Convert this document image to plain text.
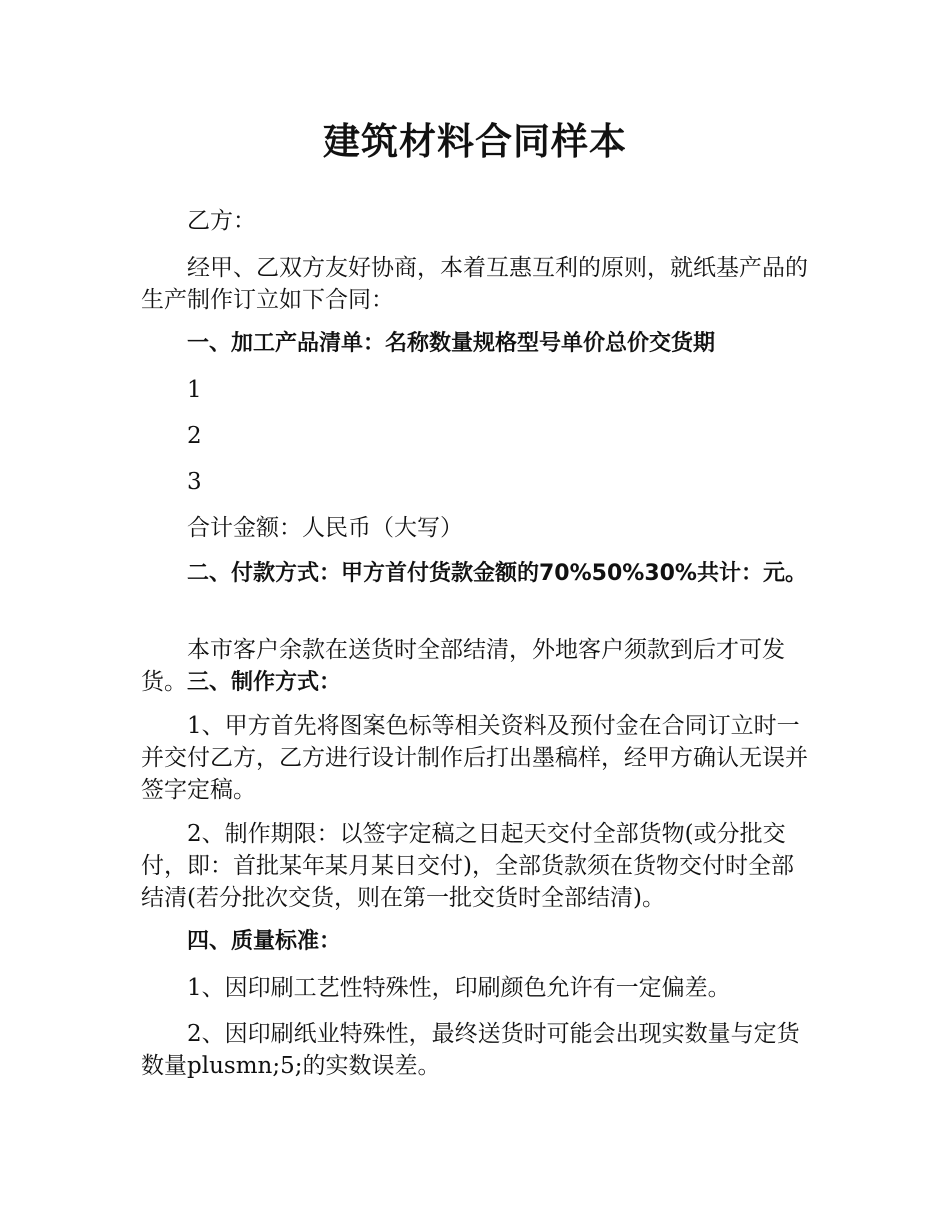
建筑材料合同样本

乙方：

经甲、乙双方友好协商，本着互惠互利的原则，就纸基产品的生产制作订立如下合同：

一、加工产品清单：名称数量规格型号单价总价交货期

1

2

3

合计金额：人民币（大写）

二、付款方式：甲方首付货款金额的70%50%30%共计：元。

本市客户余款在送货时全部结清，外地客户须款到后才可发货。三、制作方式：

1、甲方首先将图案色标等相关资料及预付金在合同订立时一并交付乙方，乙方进行设计制作后打出墨稿样，经甲方确认无误并签字定稿。

2、制作期限：以签字定稿之日起天交付全部货物(或分批交付，即：首批某年某月某日交付)，全部货款须在货物交付时全部结清(若分批次交货，则在第一批交货时全部结清)。

四、质量标准：

1、因印刷工艺性特殊性，印刷颜色允许有一定偏差。

2、因印刷纸业特殊性，最终送货时可能会出现实数量与定货数量plusmn;5;的实数误差。
